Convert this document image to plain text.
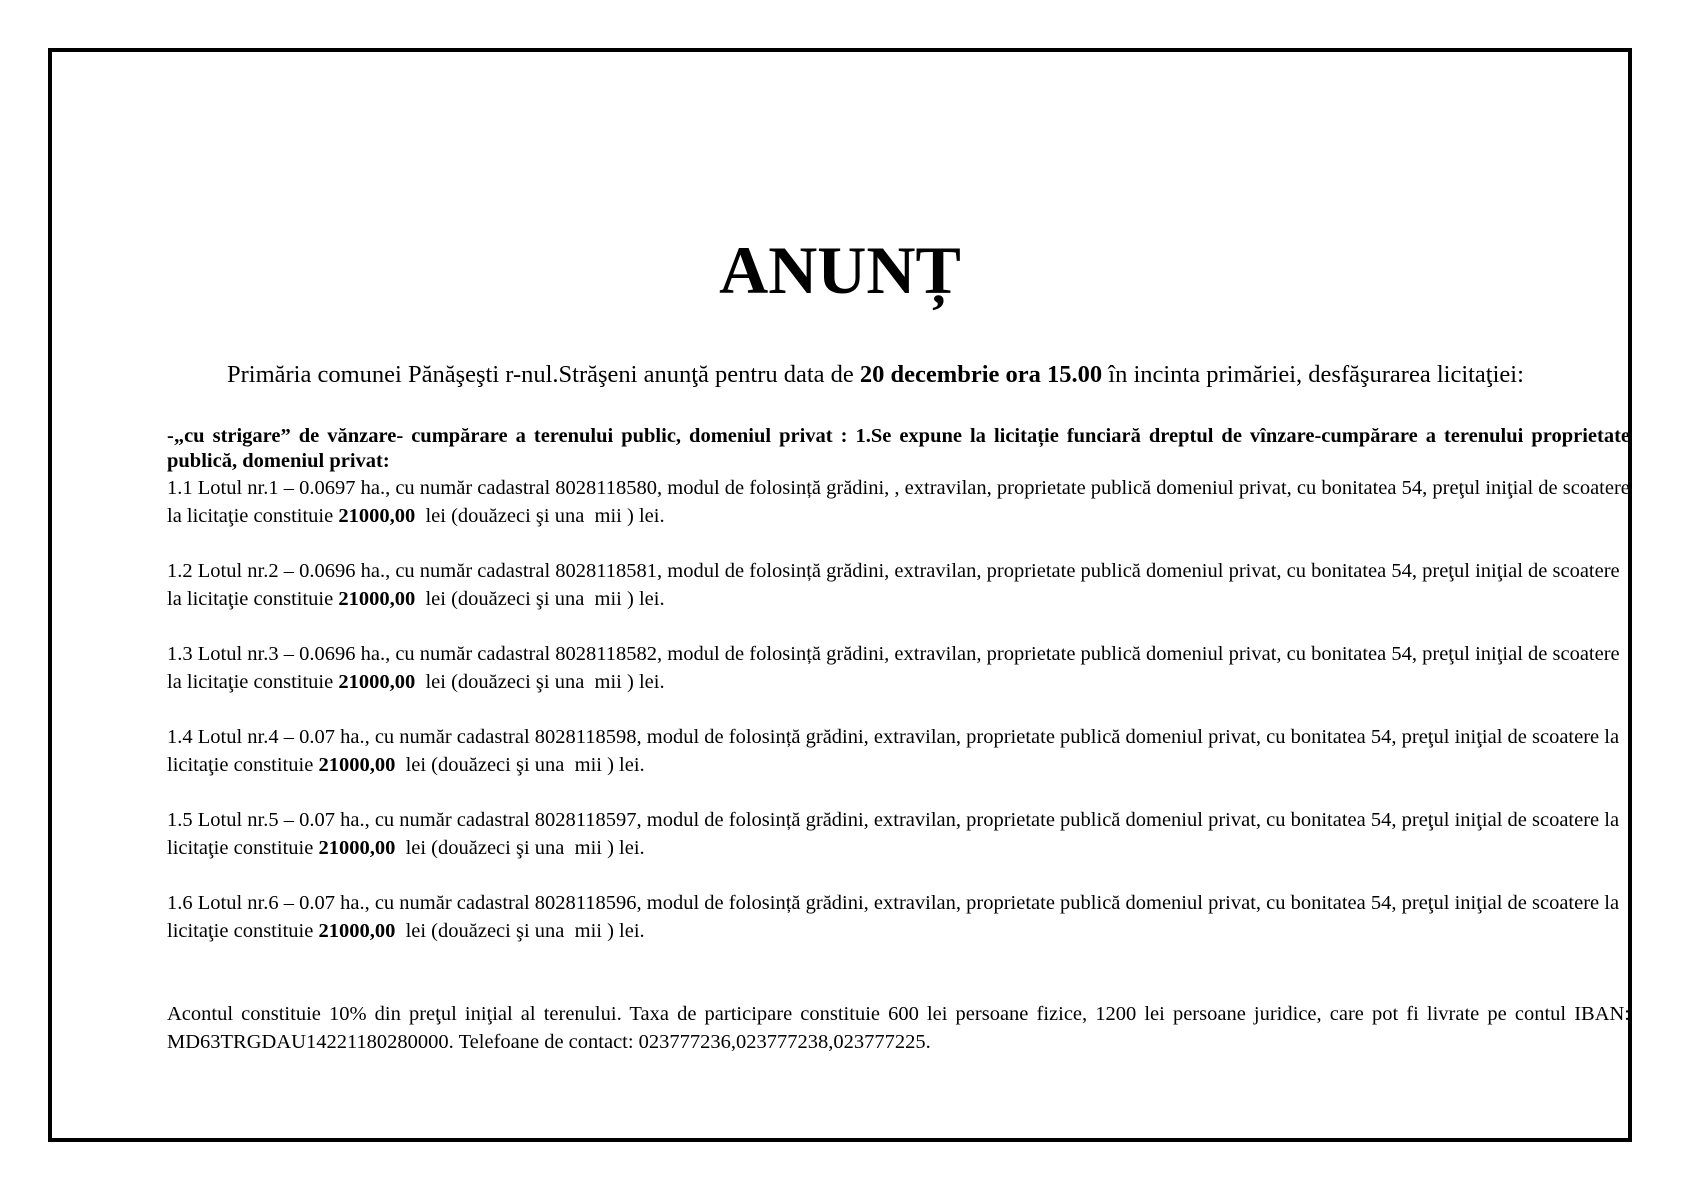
ANUNȚ

Primăria comunei Pănăşeşti r-nul.Străşeni anunţă pentru data de 20 decembrie ora 15.00 în incinta primăriei, desfăşurarea licitaţiei:

-„cu strigare” de vănzare- cumpărare a terenului public, domeniul privat : 1.Se expune la licitație funciară dreptul de vînzare-cumpărare a terenului proprietate publică, domeniul privat:

1.1 Lotul nr.1 – 0.0697 ha., cu număr cadastral 8028118580, modul de folosință grădini, , extravilan, proprietate publică domeniul privat, cu bonitatea 54, preţul iniţial de scoatere la licitaţie constituie 21000,00  lei (douăzeci şi una  mii ) lei.

1.2 Lotul nr.2 – 0.0696 ha., cu număr cadastral 8028118581, modul de folosință grădini, extravilan, proprietate publică domeniul privat, cu bonitatea 54, preţul iniţial de scoatere la licitaţie constituie 21000,00  lei (douăzeci şi una  mii ) lei.

1.3 Lotul nr.3 – 0.0696 ha., cu număr cadastral 8028118582, modul de folosință grădini, extravilan, proprietate publică domeniul privat, cu bonitatea 54, preţul iniţial de scoatere la licitaţie constituie 21000,00  lei (douăzeci şi una  mii ) lei.

1.4 Lotul nr.4 – 0.07 ha., cu număr cadastral 8028118598, modul de folosință grădini, extravilan, proprietate publică domeniul privat, cu bonitatea 54, preţul iniţial de scoatere la licitaţie constituie 21000,00  lei (douăzeci şi una  mii ) lei.

1.5 Lotul nr.5 – 0.07 ha., cu număr cadastral 8028118597, modul de folosință grădini, extravilan, proprietate publică domeniul privat, cu bonitatea 54, preţul iniţial de scoatere la licitaţie constituie 21000,00  lei (douăzeci şi una  mii ) lei.

1.6 Lotul nr.6 – 0.07 ha., cu număr cadastral 8028118596, modul de folosință grădini, extravilan, proprietate publică domeniul privat, cu bonitatea 54, preţul iniţial de scoatere la licitaţie constituie 21000,00  lei (douăzeci şi una  mii ) lei.

Acontul constituie 10% din preţul iniţial al terenului. Taxa de participare constituie 600 lei persoane fizice, 1200 lei persoane juridice, care pot fi livrate pe contul IBAN: MD63TRGDAU14221180280000. Telefoane de contact: 023777236,023777238,023777225.
